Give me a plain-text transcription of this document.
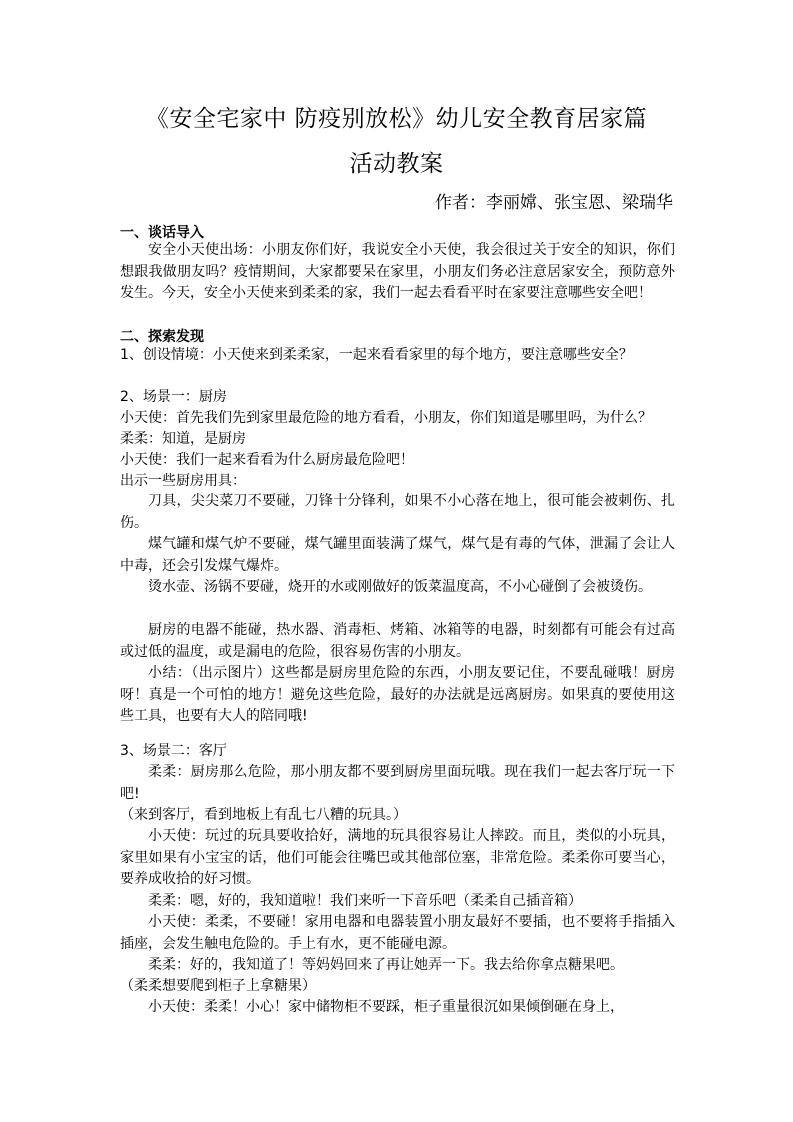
《安全宅家中 防疫别放松》幼儿安全教育居家篇
活动教案
作者：李丽嫦、张宝恩、梁瑞华
一、谈话导入
安全小天使出场：小朋友你们好，我说安全小天使，我会很过关于安全的知识，你们想跟我做朋友吗？疫情期间，大家都要呆在家里，小朋友们务必注意居家安全，预防意外发生。今天，安全小天使来到柔柔的家，我们一起去看看平时在家要注意哪些安全吧！
二、探索发现
1、创设情境：小天使来到柔柔家，一起来看看家里的每个地方，要注意哪些安全？
2、场景一：厨房
小天使：首先我们先到家里最危险的地方看看，小朋友，你们知道是哪里吗，为什么？
柔柔：知道，是厨房
小天使：我们一起来看看为什么厨房最危险吧！
出示一些厨房用具：
刀具，尖尖菜刀不要碰，刀锋十分锋利，如果不小心落在地上，很可能会被刺伤、扎伤。
煤气罐和煤气炉不要碰，煤气罐里面装满了煤气，煤气是有毒的气体，泄漏了会让人中毒，还会引发煤气爆炸。
烫水壶、汤锅不要碰，烧开的水或刚做好的饭菜温度高，不小心碰倒了会被烫伤。
厨房的电器不能碰，热水器、消毒柜、烤箱、冰箱等的电器，时刻都有可能会有过高或过低的温度，或是漏电的危险，很容易伤害的小朋友。
小结：（出示图片）这些都是厨房里危险的东西，小朋友要记住，不要乱碰哦！厨房呀！真是一个可怕的地方！避免这些危险，最好的办法就是远离厨房。如果真的要使用这些工具，也要有大人的陪同哦!
3、场景二：客厅
柔柔：厨房那么危险，那小朋友都不要到厨房里面玩哦。现在我们一起去客厅玩一下吧!
（来到客厅，看到地板上有乱七八糟的玩具。）
小天使：玩过的玩具要收拾好，满地的玩具很容易让人摔跤。而且，类似的小玩具，家里如果有小宝宝的话，他们可能会往嘴巴或其他部位塞，非常危险。柔柔你可要当心，要养成收拾的好习惯。
柔柔：嗯，好的，我知道啦！我们来听一下音乐吧（柔柔自己插音箱）
小天使：柔柔，不要碰！家用电器和电器装置小朋友最好不要插，也不要将手指插入插座，会发生触电危险的。手上有水，更不能碰电源。
柔柔：好的，我知道了！等妈妈回来了再让她弄一下。我去给你拿点糖果吧。
（柔柔想要爬到柜子上拿糖果）
小天使：柔柔！小心！家中储物柜不要踩，柜子重量很沉如果倾倒砸在身上，
